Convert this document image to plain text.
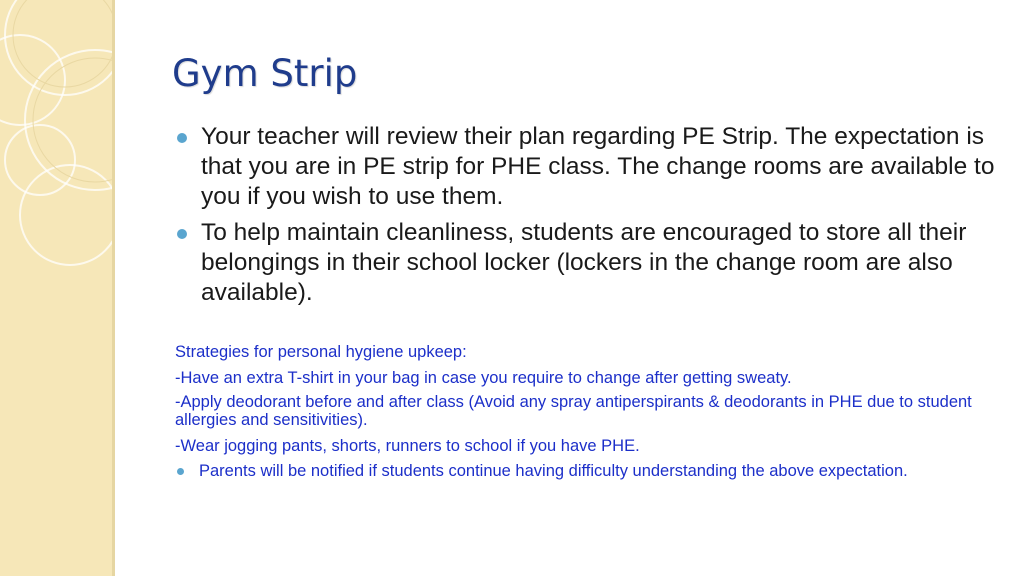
Gym Strip
Your teacher will review their plan regarding PE Strip. The expectation is that you are in PE strip for PHE class. The change rooms are available to you if you wish to use them.
To help maintain cleanliness, students are encouraged to store all their belongings in their school locker (lockers in the change room are also available).

Strategies for personal hygiene upkeep:

-Have an extra T-shirt in your bag in case you require to change after getting sweaty.

-Apply deodorant before and after class (Avoid any spray antiperspirants & deodorants in PHE due to student allergies and sensitivities).

-Wear jogging pants, shorts, runners to school if you have PHE.

Parents will be notified if students continue having difficulty understanding the above expectation.
